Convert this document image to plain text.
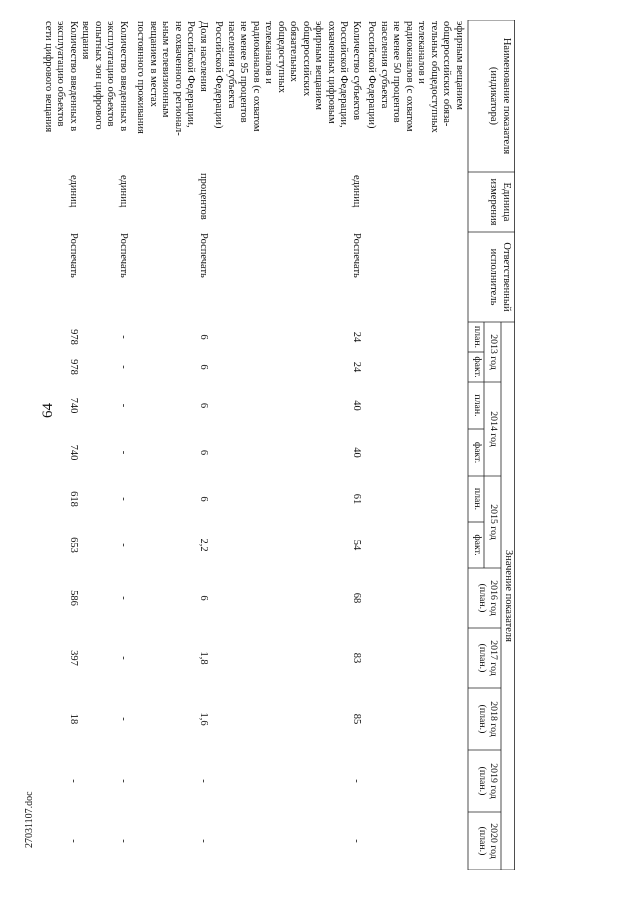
64
27031107.doc
Наименование показателя
(индикатора)
Единица
измерения
Ответственный
исполнитель
Значение показателя
2013 год
2014 год
2015 год
2016 год
(план.)
2017 год
(план.)
2018 год
(план.)
2019 год
(план.)
2020 год
(план.)
план.
факт.
план.
факт.
план.
факт.
эфирным вещанием
общероссийских обяза-
тельных общедоступных
телеканалов и
радиоканалов (с охватом
не менее 50 процентов
населения субъекта
Российской Федерации)
Количество субъектов
Российской Федерации,
охваченных цифровым
эфирным вещанием
общероссийских
обязательных
общедоступных
телеканалов и
радиоканалов (с охватом
не менее 95 процентов
населения субъекта
Российской Федерации)
единиц
Роспечать
24
24
40
40
61
54
68
83
85
-
-
Доля населения
Российской Федерации,
не охваченного регионал-
ьным телевизионным
вещанием в местах
постоянного проживания
процентов
Роспечать
6
6
6
6
6
2,2
6
1,8
1,6
-
-
Количество введенных в
эксплуатацию объектов
опытных зон цифрового
вещания
единиц
Роспечать
-
-
-
-
-
-
-
-
-
-
-
Количество введенных в
эксплуатацию объектов
сети цифрового вещания
единиц
Роспечать
978
978
740
740
618
653
586
397
18
-
-
